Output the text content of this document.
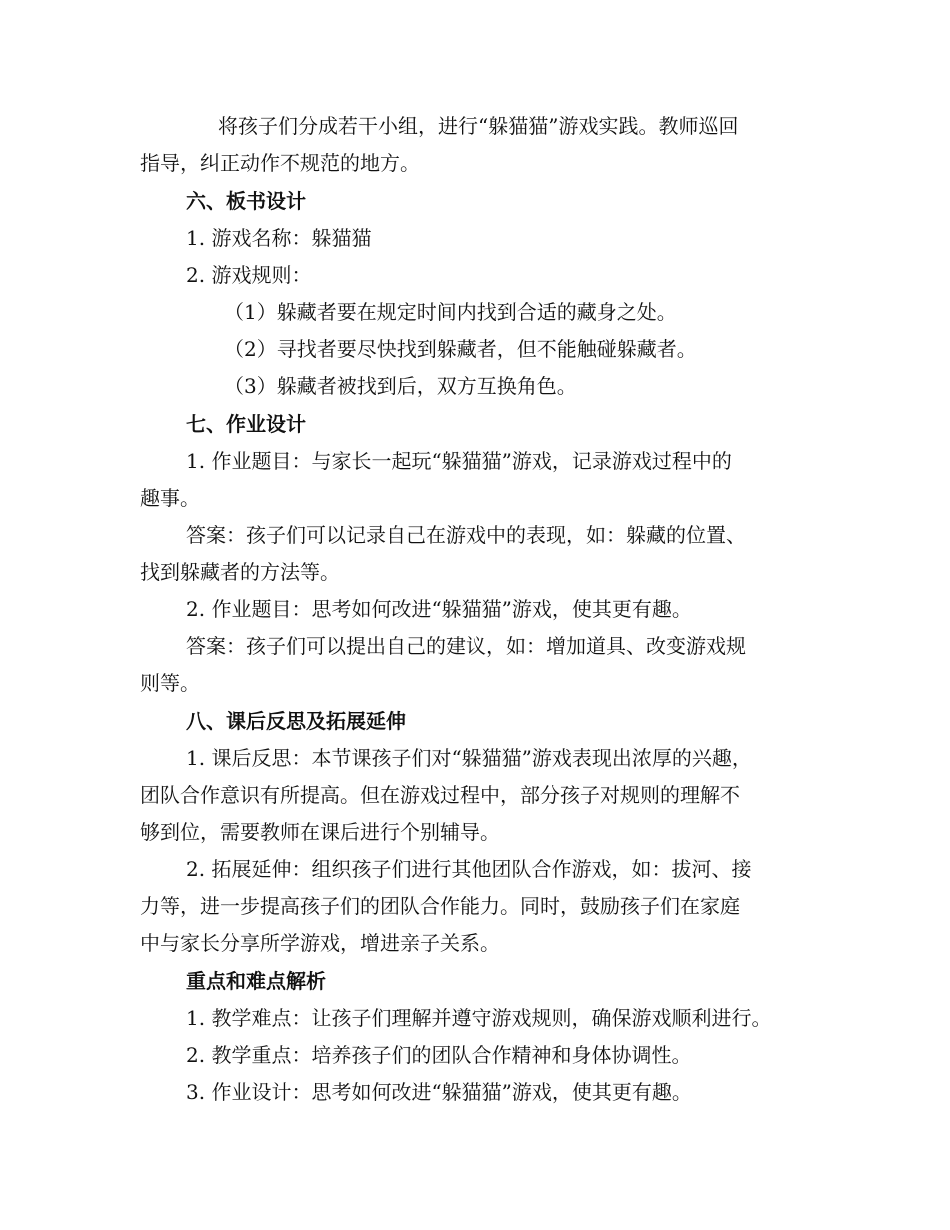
将孩子们分成若干小组，进行“躲猫猫”游戏实践。教师巡回
指导，纠正动作不规范的地方。
六、板书设计
1. 游戏名称：躲猫猫
2. 游戏规则：
（1）躲藏者要在规定时间内找到合适的藏身之处。
（2）寻找者要尽快找到躲藏者，但不能触碰躲藏者。
（3）躲藏者被找到后，双方互换角色。
七、作业设计
1. 作业题目：与家长一起玩“躲猫猫”游戏，记录游戏过程中的
趣事。
答案：孩子们可以记录自己在游戏中的表现，如：躲藏的位置、
找到躲藏者的方法等。
2. 作业题目：思考如何改进“躲猫猫”游戏，使其更有趣。
答案：孩子们可以提出自己的建议，如：增加道具、改变游戏规
则等。
八、课后反思及拓展延伸
1. 课后反思：本节课孩子们对“躲猫猫”游戏表现出浓厚的兴趣，
团队合作意识有所提高。但在游戏过程中，部分孩子对规则的理解不
够到位，需要教师在课后进行个别辅导。
2. 拓展延伸：组织孩子们进行其他团队合作游戏，如：拔河、接
力等，进一步提高孩子们的团队合作能力。同时，鼓励孩子们在家庭
中与家长分享所学游戏，增进亲子关系。
重点和难点解析
1. 教学难点：让孩子们理解并遵守游戏规则，确保游戏顺利进行。
2. 教学重点：培养孩子们的团队合作精神和身体协调性。
3. 作业设计：思考如何改进“躲猫猫”游戏，使其更有趣。
